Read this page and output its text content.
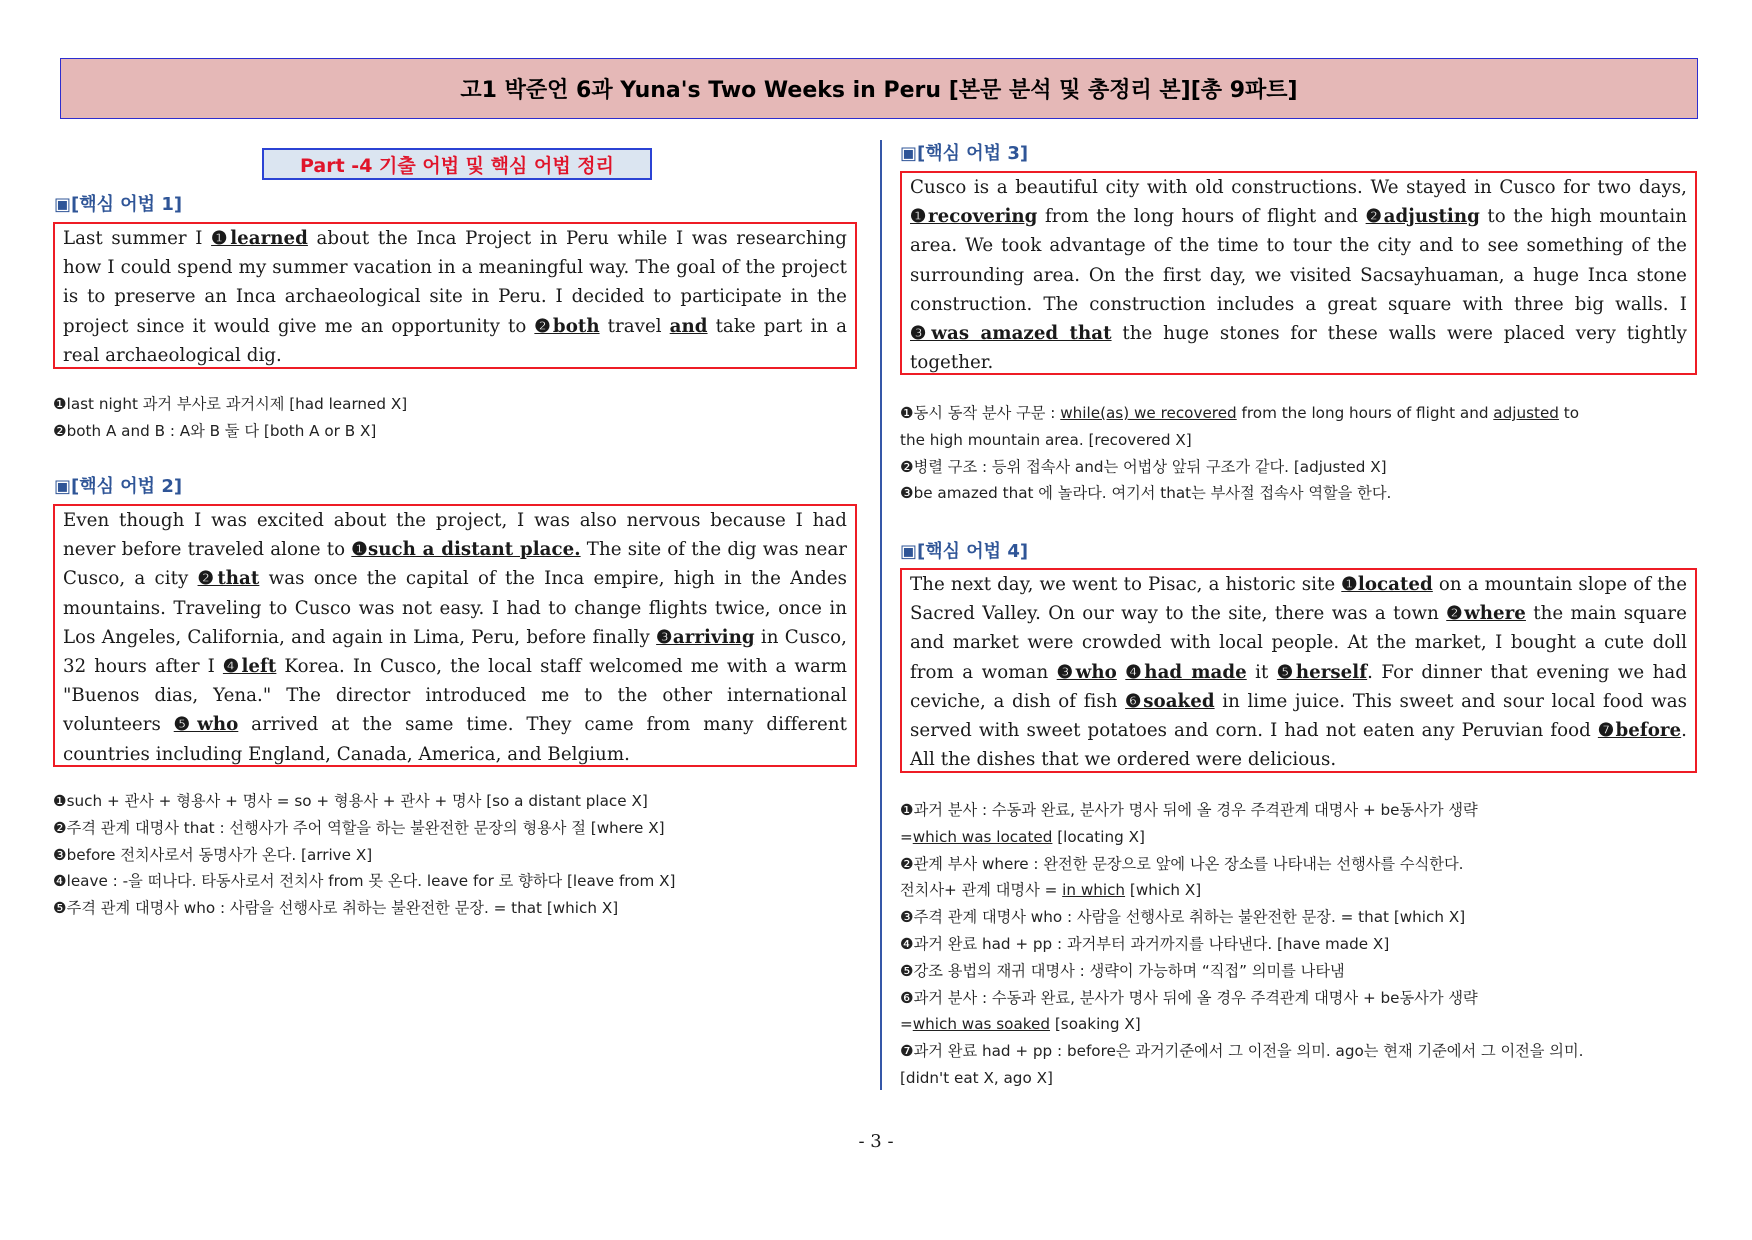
고1 박준언 6과 Yuna's Two Weeks in Peru [본문 분석 및 총정리 본][총 9파트]
Part -4 기출 어법 및 핵심 어법 정리
▣[핵심 어법 1]

Last summer I ❶learned about the Inca Project in Peru while I was researching how I could spend my summer vacation in a meaningful way. The goal of the project is to preserve an Inca archaeological site in Peru. I decided to participate in the project since it would give me an opportunity to ❷both travel and take part in a real archaeological dig.

❶last night 과거 부사로 과거시제 [had learned X]
❷both A and B : A와 B 둘 다 [both A or B X]
▣[핵심 어법 2]

Even though I was excited about the project, I was also nervous because I had never before traveled alone to ❶such a distant place. The site of the dig was near Cusco, a city ❷that was once the capital of the Inca empire, high in the Andes mountains. Traveling to Cusco was not easy. I had to change flights twice, once in Los Angeles, California, and again in Lima, Peru, before finally ❸arriving in Cusco, 32 hours after I ❹left Korea. In Cusco, the local staff welcomed me with a warm "Buenos dias, Yena." The director introduced me to the other international volunteers ❺who arrived at the same time. They came from many different countries including England, Canada, America, and Belgium.

❶such + 관사 + 형용사 + 명사 = so + 형용사 + 관사 + 명사 [so a distant place X]
❷주격 관계 대명사 that : 선행사가 주어 역할을 하는 불완전한 문장의 형용사 절 [where X]
❸before 전치사로서 동명사가 온다. [arrive X]
❹leave : -을 떠나다. 타동사로서 전치사 from 못 온다. leave for 로 향하다 [leave from X]
❺주격 관계 대명사 who : 사람을 선행사로 취하는 불완전한 문장. = that [which X]
▣[핵심 어법 3]

Cusco is a beautiful city with old constructions. We stayed in Cusco for two days, ❶recovering from the long hours of flight and ❷adjusting to the high mountain area. We took advantage of the time to tour the city and to see something of the surrounding area. On the first day, we visited Sacsayhuaman, a huge Inca stone construction. The construction includes a great square with three big walls. I ❸was amazed that the huge stones for these walls were placed very tightly together.

❶동시 동작 분사 구문 : while(as) we recovered from the long hours of flight and adjusted to
the high mountain area. [recovered X]
❷병렬 구조 : 등위 접속사 and는 어법상 앞뒤 구조가 같다. [adjusted X]
❸be amazed that 에 놀라다. 여기서 that는 부사절 접속사 역할을 한다.
▣[핵심 어법 4]

The next day, we went to Pisac, a historic site ❶located on a mountain slope of the Sacred Valley. On our way to the site, there was a town ❷where the main square and market were crowded with local people. At the market, I bought a cute doll from a woman ❸who ❹had made it ❺herself. For dinner that evening we had ceviche, a dish of fish ❻soaked in lime juice. This sweet and sour local food was served with sweet potatoes and corn. I had not eaten any Peruvian food ❼before. All the dishes that we ordered were delicious.

❶과거 분사 : 수동과 완료, 분사가 명사 뒤에 올 경우 주격관계 대명사 + be동사가 생략
=which was located [locating X]
❷관계 부사 where : 완전한 문장으로 앞에 나온 장소를 나타내는 선행사를 수식한다.
전치사+ 관계 대명사 = in which [which X]
❸주격 관계 대명사 who : 사람을 선행사로 취하는 불완전한 문장. = that [which X]
❹과거 완료 had + pp : 과거부터 과거까지를 나타낸다. [have made X]
❺강조 용법의 재귀 대명사 : 생략이 가능하며 “직접” 의미를 나타냄
❻과거 분사 : 수동과 완료, 분사가 명사 뒤에 올 경우 주격관계 대명사 + be동사가 생략
=which was soaked [soaking X]
❼과거 완료 had + pp : before은 과거기준에서 그 이전을 의미. ago는 현재 기준에서 그 이전을 의미.
[didn't eat X, ago X]
- 3 -
